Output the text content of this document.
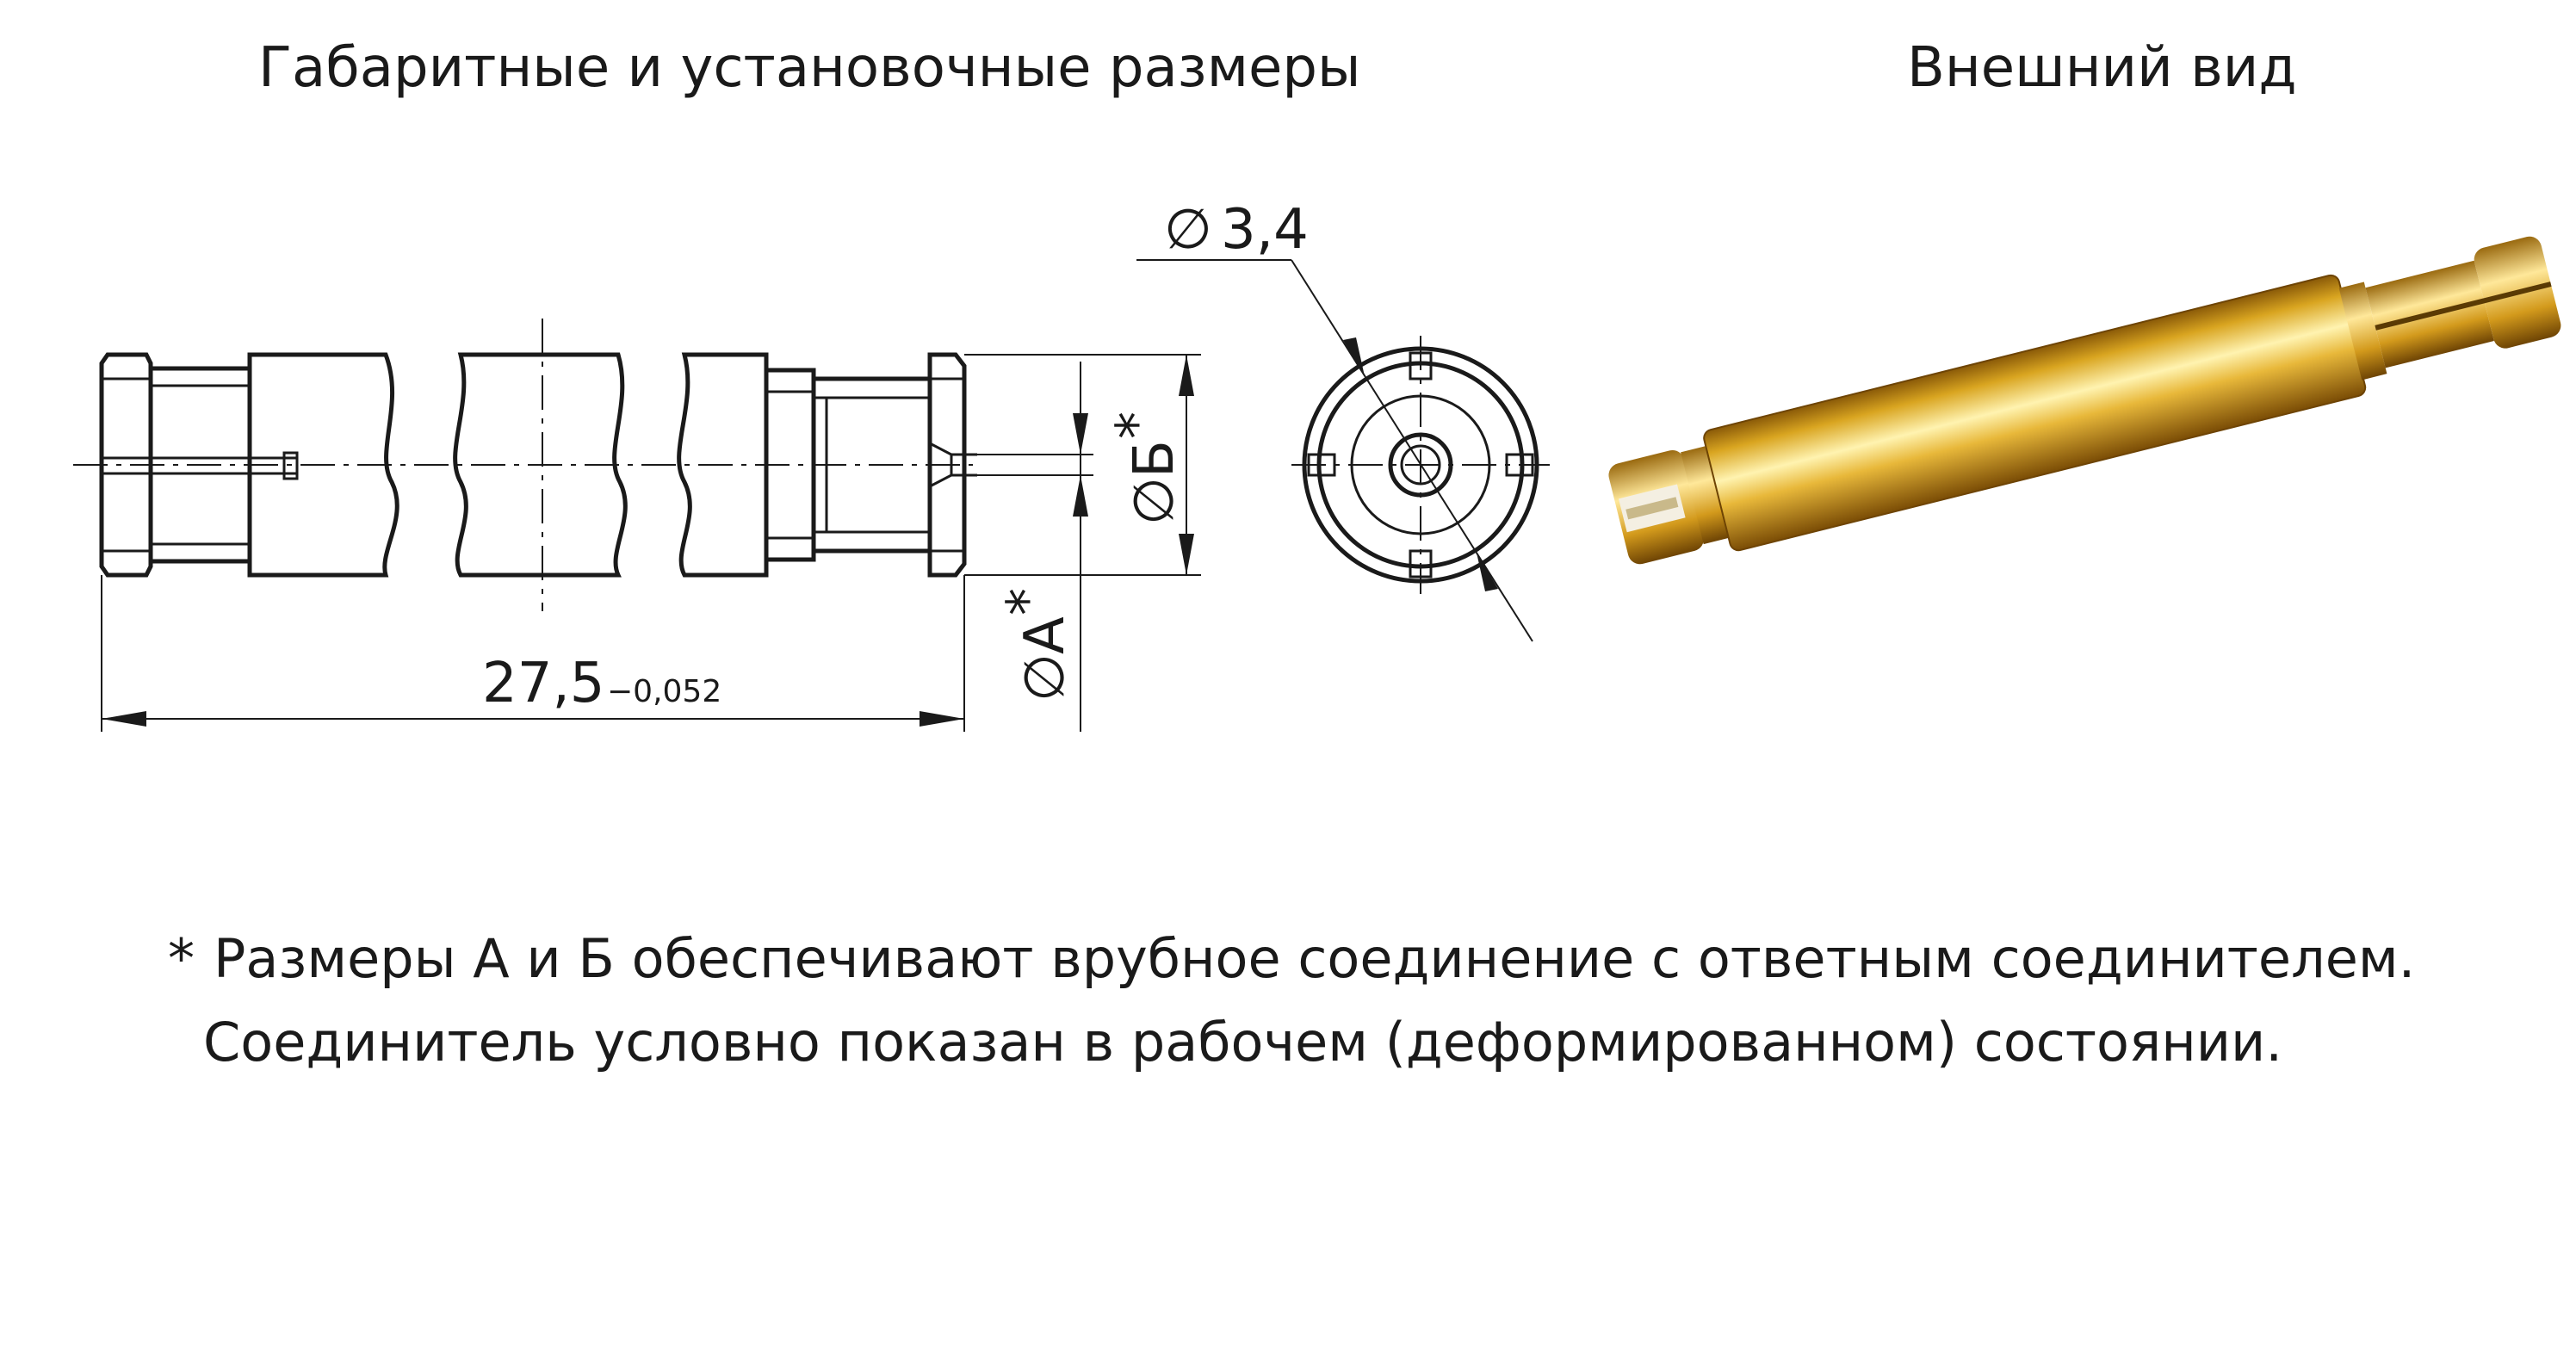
Габаритные и установочные размеры	Внешний вид
27,5 −0,052	∅
A
*
∅
Б
*
∅ 3,4
* Размеры А и Б обеспечивают врубное соединение с ответным соединителем.
Соединитель условно показан в рабочем (деформированном) состоянии.
